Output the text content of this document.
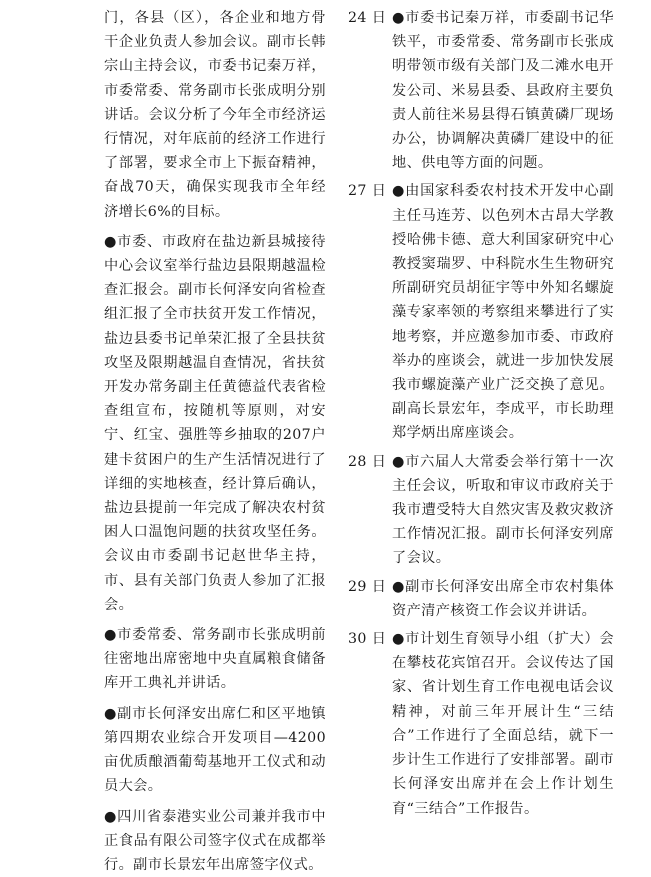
门，各县（区），各企业和地方骨干企业负责人参加会议。副市长韩宗山主持会议，市委书记秦万祥，市委常委、常务副市长张成明分别讲话。会议分析了今年全市经济运行情况，对年底前的经济工作进行了部署，要求全市上下振奋精神，奋战70天，确保实现我市全年经济增长6%的目标。

●市委、市政府在盐边新县城接待中心会议室举行盐边县限期越温检查汇报会。副市长何泽安向省检查组汇报了全市扶贫开发工作情况，盐边县委书记单荣汇报了全县扶贫攻坚及限期越温自查情况，省扶贫开发办常务副主任黄德益代表省检查组宣布，按随机等原则，对安宁、红宝、强胜等乡抽取的207户建卡贫困户的生产生活情况进行了详细的实地核查，经计算后确认，盐边县提前一年完成了解决农村贫困人口温饱问题的扶贫攻坚任务。会议由市委副书记赵世华主持，市、县有关部门负责人参加了汇报会。

●市委常委、常务副市长张成明前往密地出席密地中央直属粮食储备库开工典礼并讲话。

●副市长何泽安出席仁和区平地镇第四期农业综合开发项目—4200亩优质酿酒葡萄基地开工仪式和动员大会。

●四川省泰港实业公司兼并我市中正食品有限公司签字仪式在成都举行。副市长景宏年出席签字仪式。

24 日 ●市委书记秦万祥，市委副书记华铁平，市委常委、常务副市长张成明带领市级有关部门及二滩水电开发公司、米易县委、县政府主要负责人前往米易县得石镇黄磷厂现场办公，协调解决黄磷厂建设中的征地、供电等方面的问题。
27 日 ●由国家科委农村技术开发中心副主任马连芳、以色列木古昂大学教授哈佛卡德、意大利国家研究中心教授窦瑞罗、中科院水生生物研究所副研究员胡征宇等中外知名螺旋藻专家率领的考察组来攀进行了实地考察，并应邀参加市委、市政府举办的座谈会，就进一步加快发展我市螺旋藻产业广泛交换了意见。副高长景宏年，李成平，市长助理郑学炳出席座谈会。
28 日 ●市六届人大常委会举行第十一次主任会议，听取和审议市政府关于我市遭受特大自然灾害及救灾救济工作情况汇报。副市长何泽安列席了会议。
29 日 ●副市长何泽安出席全市农村集体资产清产核资工作会议并讲话。
30 日 ●市计划生育领导小组（扩大）会在攀枝花宾馆召开。会议传达了国家、省计划生育工作电视电话会议精神，对前三年开展计生“三结合”工作进行了全面总结，就下一步计生工作进行了安排部署。副市长何泽安出席并在会上作计划生育“三结合”工作报告。
